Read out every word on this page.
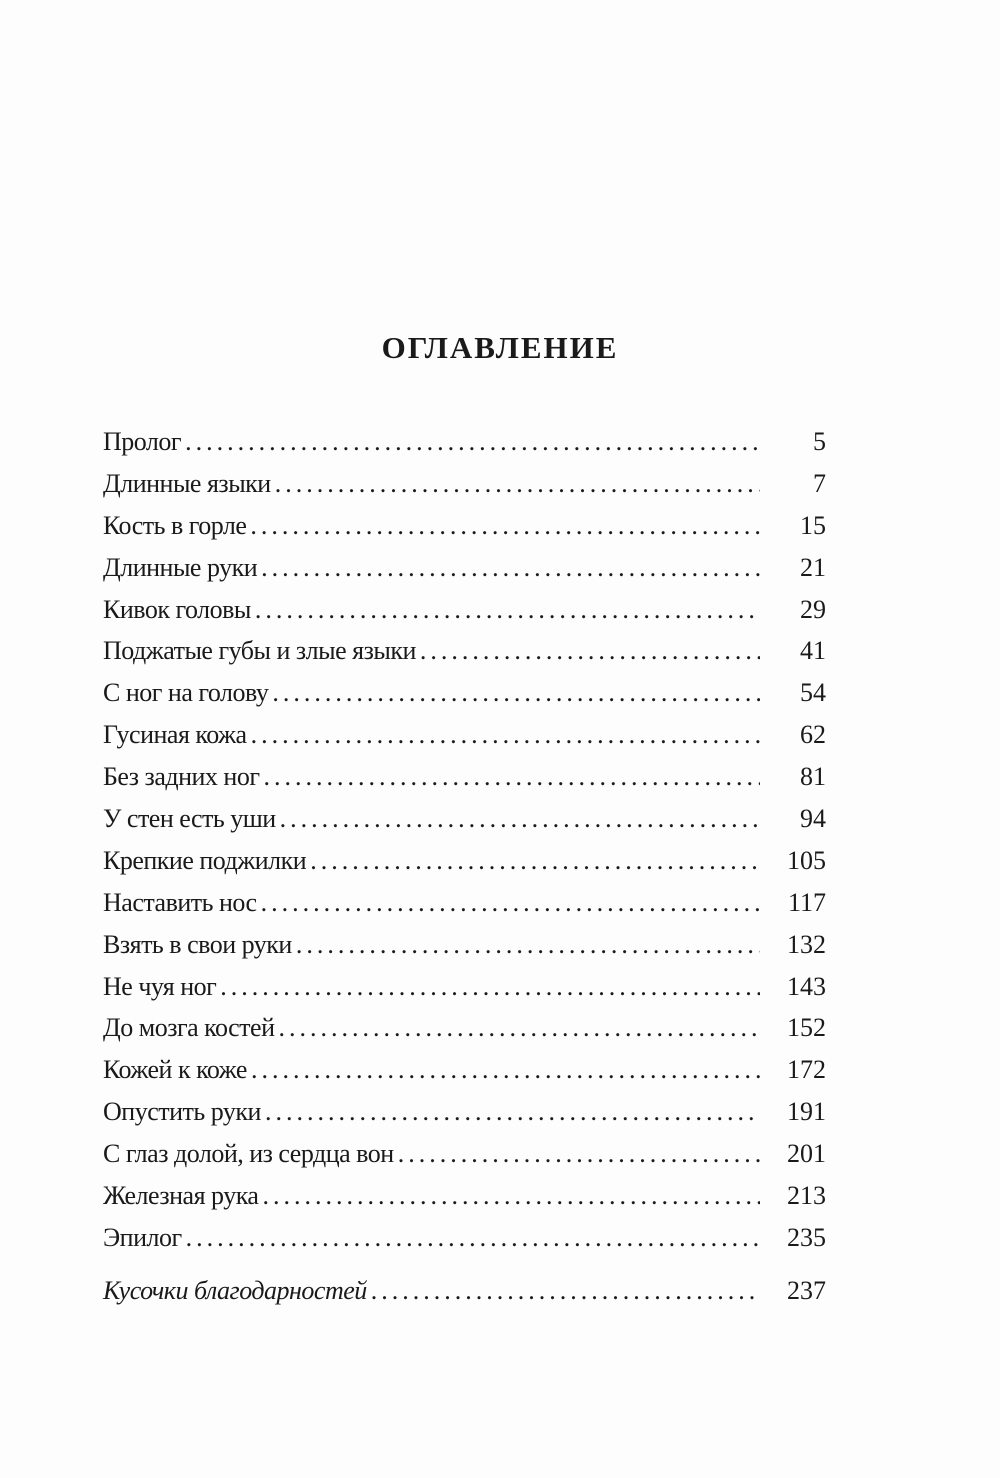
ОГЛАВЛЕНИЕ
Пролог . . .	5
Длинные языки . . .	7
Кость в горле . . .	15
Длинные руки . . .	21
Кивок головы . . .	29
Поджатые губы и злые языки . . .	41
С ног на голову . . .	54
Гусиная кожа . . .	62
Без задних ног . . .	81
У стен есть уши . . .	94
Крепкие поджилки . . .	105
Наставить нос . . .	117
Взять в свои руки . . .	132
Не чуя ног . . .	143
До мозга костей . . .	152
Кожей к коже . . .	172
Опустить руки . . .	191
С глаз долой, из сердца вон . . .	201
Железная рука . . .	213
Эпилог . . .	235
Кусочки благодарностей . . .	237
